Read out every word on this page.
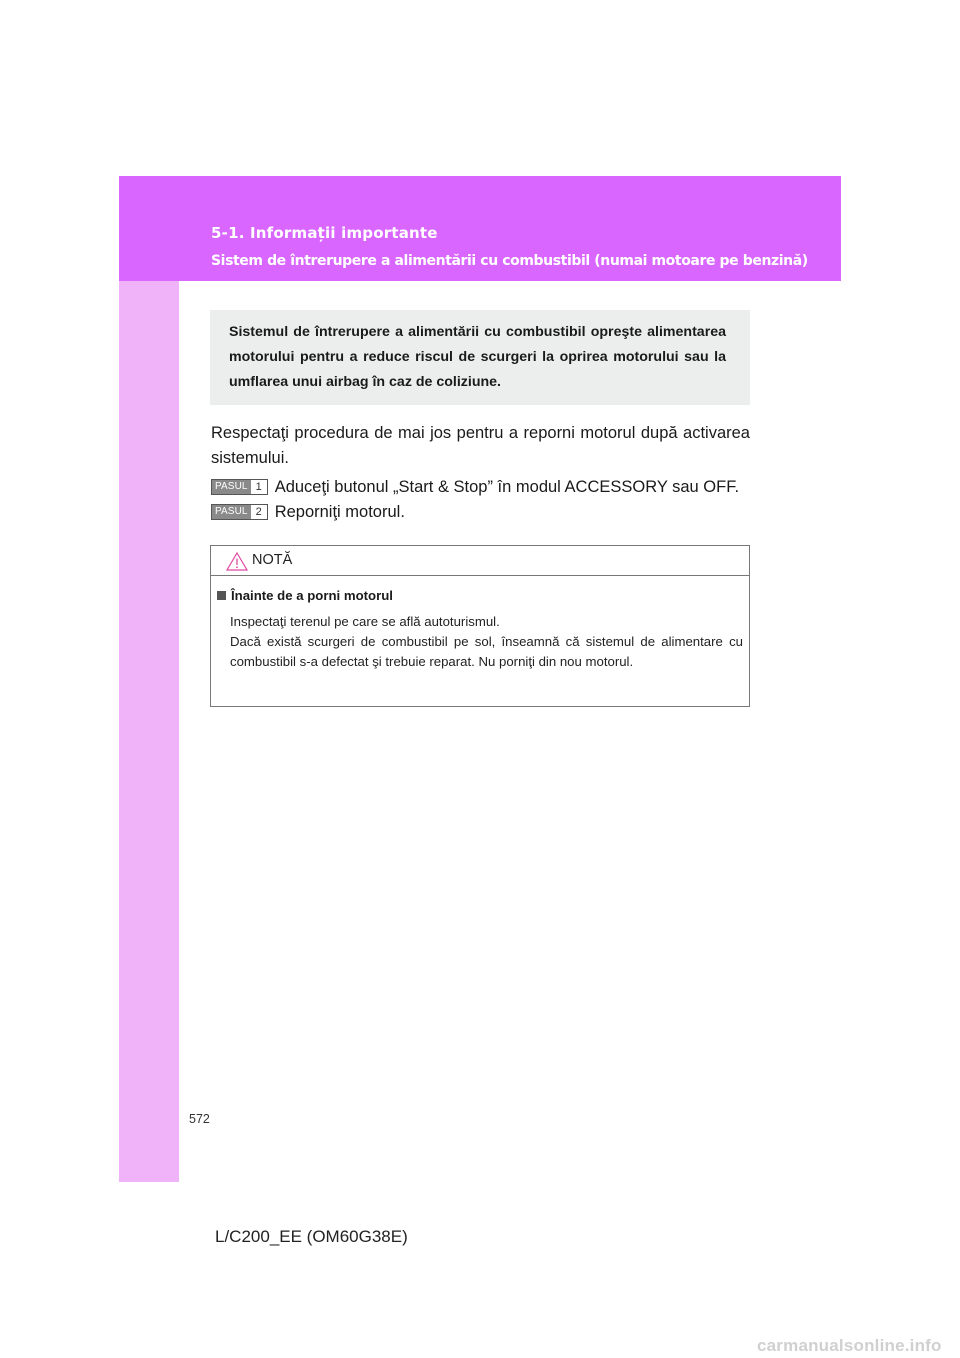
5-1. Informații importante
Sistem de întrerupere a alimentării cu combustibil (numai motoare pe benzină)

Sistemul de întrerupere a alimentării cu combustibil opreşte alimentarea motorului pentru a reduce riscul de scurgeri la oprirea motorului sau la umflarea unui airbag în caz de coliziune.

Respectaţi procedura de mai jos pentru a reporni motorul după activarea sistemului.

PASUL 1 Aduceţi butonul „Start & Stop” în modul ACCESSORY sau OFF.
PASUL 2 Reporniţi motorul.
NOTĂ
Înainte de a porni motorul

Inspectaţi terenul pe care se află autoturismul.

Dacă există scurgeri de combustibil pe sol, înseamnă că sistemul de alimentare cu combustibil s-a defectat şi trebuie reparat. Nu porniţi din nou motorul.

572
L/C200_EE (OM60G38E)
carmanualsonline.info
